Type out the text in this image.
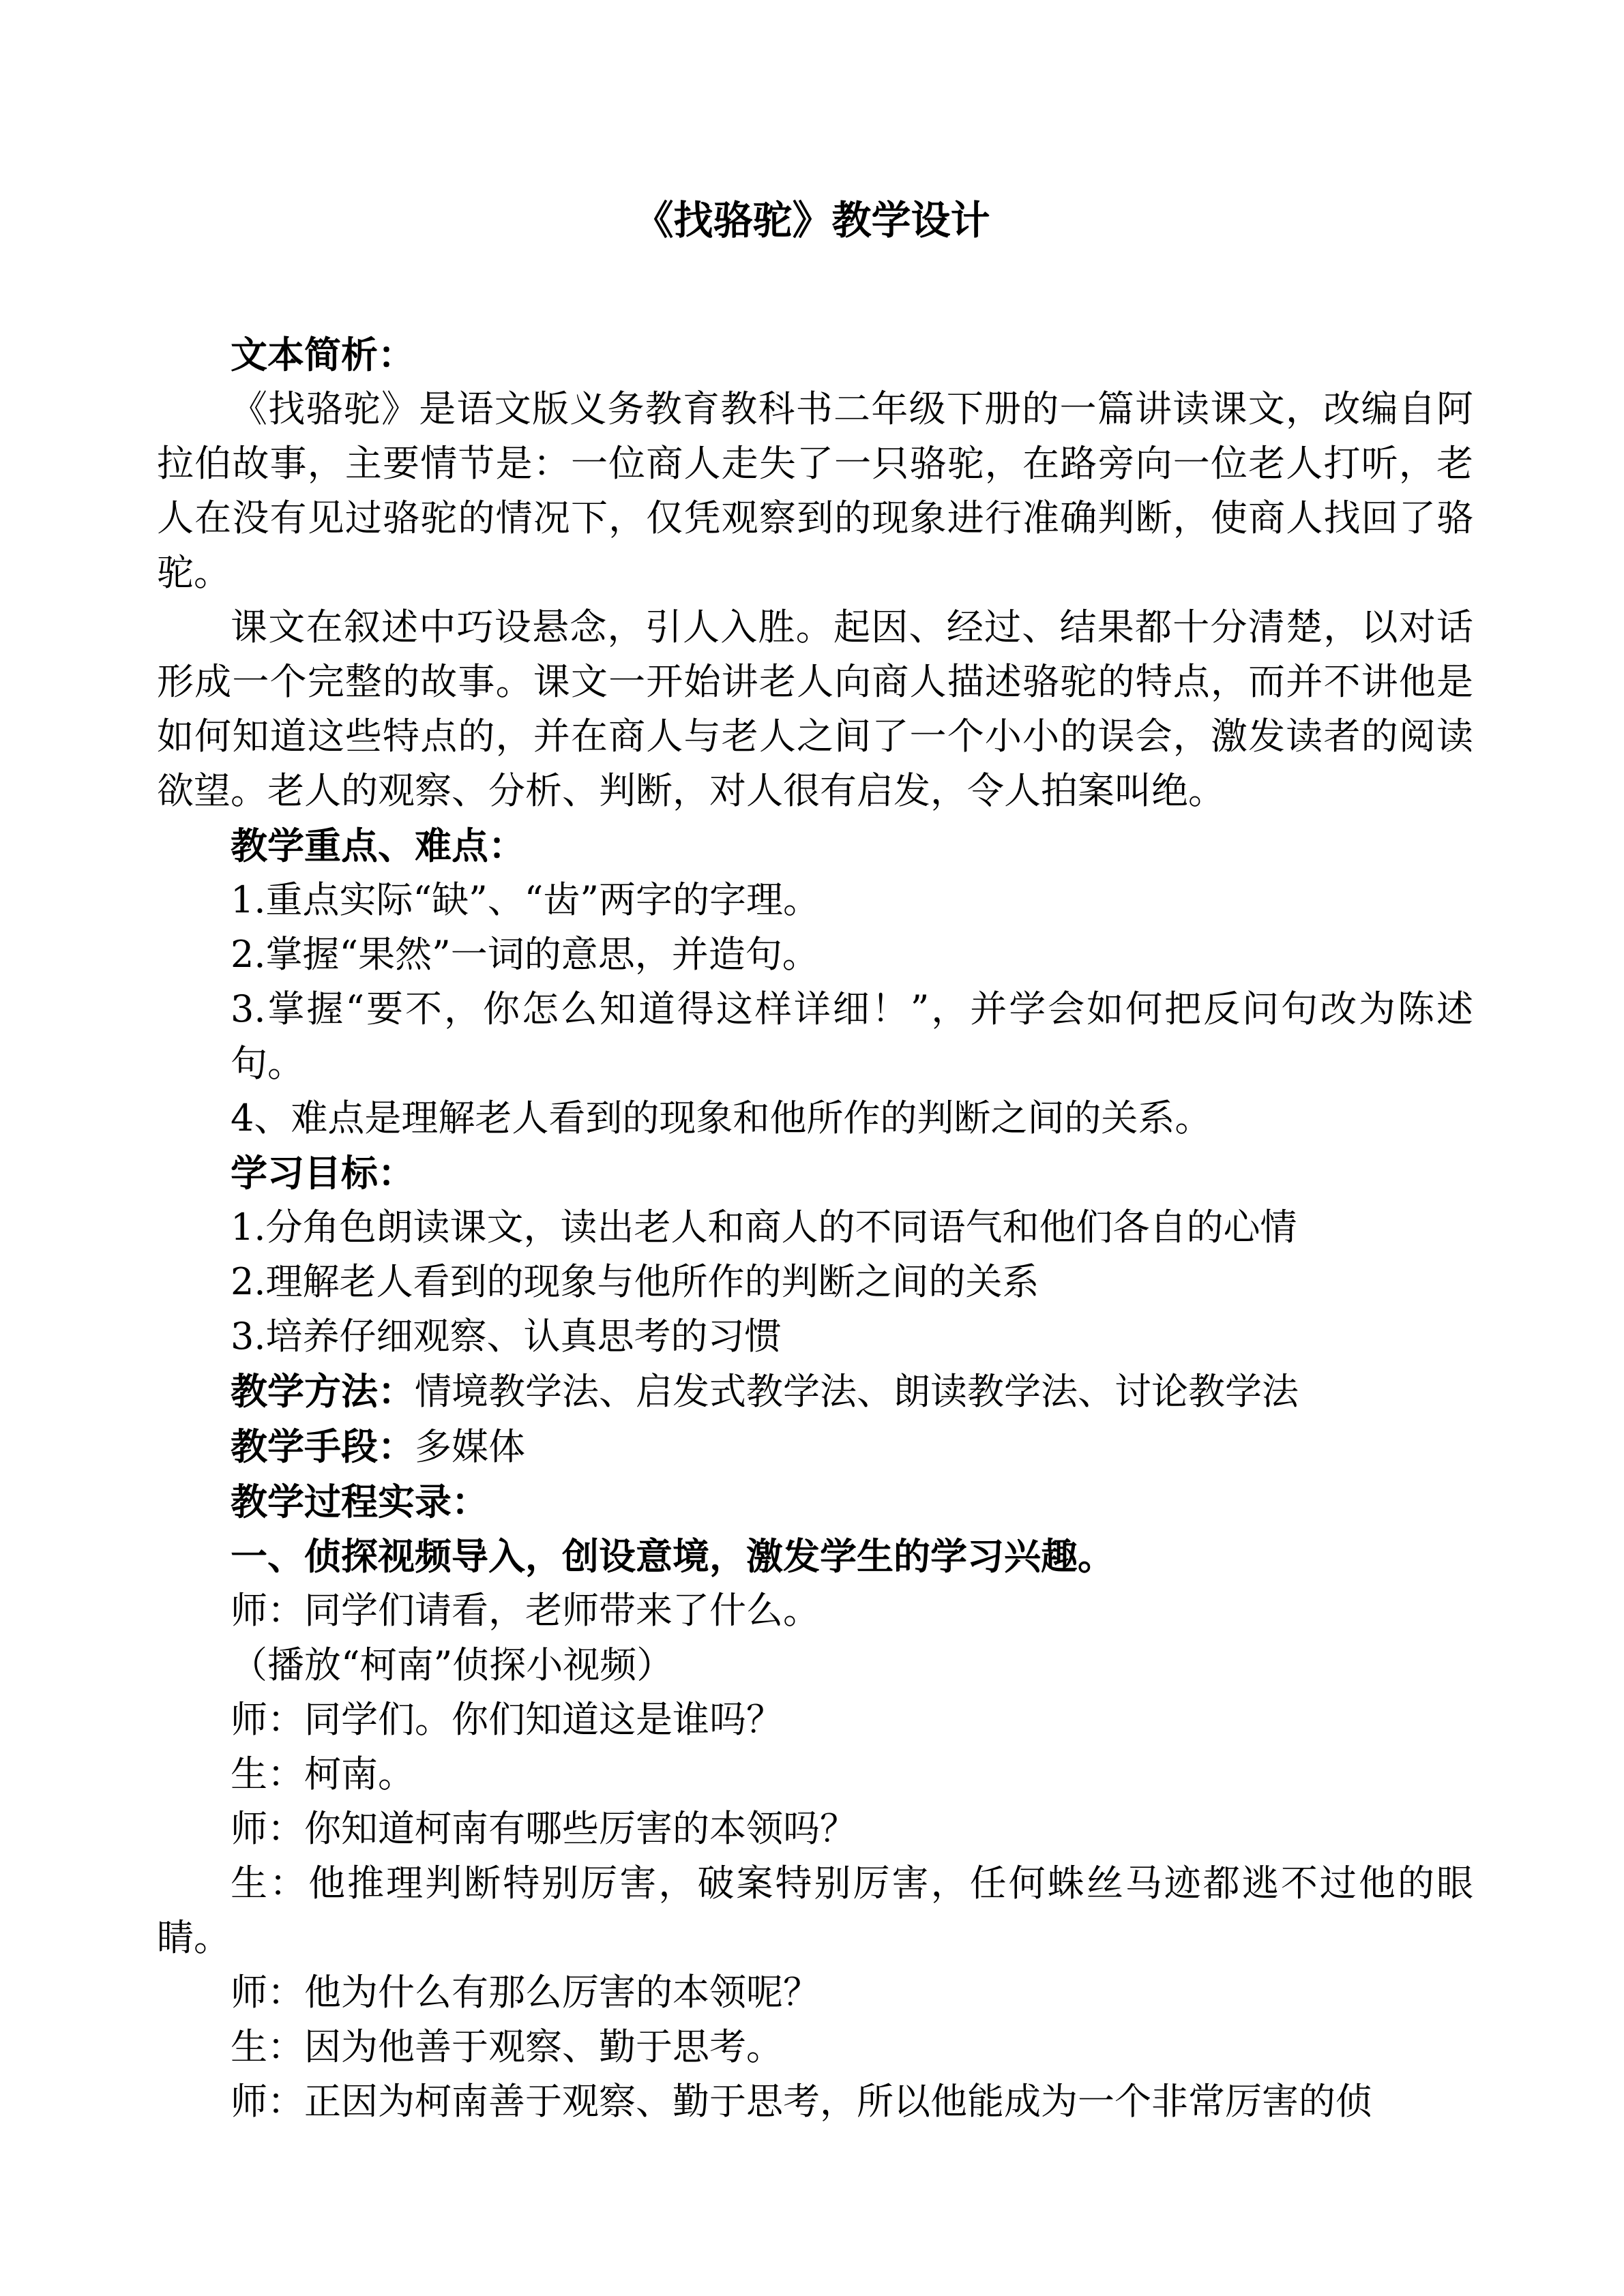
《找骆驼》教学设计

文本简析：

《找骆驼》是语文版义务教育教科书二年级下册的一篇讲读课文，改编自阿拉伯故事，主要情节是：一位商人走失了一只骆驼，在路旁向一位老人打听，老人在没有见过骆驼的情况下，仅凭观察到的现象进行准确判断，使商人找回了骆驼。

课文在叙述中巧设悬念，引人入胜。起因、经过、结果都十分清楚，以对话形成一个完整的故事。课文一开始讲老人向商人描述骆驼的特点，而并不讲他是如何知道这些特点的，并在商人与老人之间了一个小小的误会，激发读者的阅读欲望。老人的观察、分析、判断，对人很有启发，令人拍案叫绝。

教学重点、难点：

1.重点实际“缺”、“齿”两字的字理。

2.掌握“果然”一词的意思，并造句。

3.掌握“要不，你怎么知道得这样详细！”，并学会如何把反问句改为陈述句。

4、难点是理解老人看到的现象和他所作的判断之间的关系。

学习目标：

1.分角色朗读课文，读出老人和商人的不同语气和他们各自的心情

2.理解老人看到的现象与他所作的判断之间的关系

3.培养仔细观察、认真思考的习惯

教学方法：情境教学法、启发式教学法、朗读教学法、讨论教学法

教学手段：多媒体

教学过程实录：

一、侦探视频导入，创设意境，激发学生的学习兴趣。

师：同学们请看，老师带来了什么。

（播放“柯南”侦探小视频）

师：同学们。你们知道这是谁吗？

生：柯南。

师：你知道柯南有哪些厉害的本领吗？

生：他推理判断特别厉害，破案特别厉害，任何蛛丝马迹都逃不过他的眼睛。

师：他为什么有那么厉害的本领呢？

生：因为他善于观察、勤于思考。

师：正因为柯南善于观察、勤于思考，所以他能成为一个非常厉害的侦
